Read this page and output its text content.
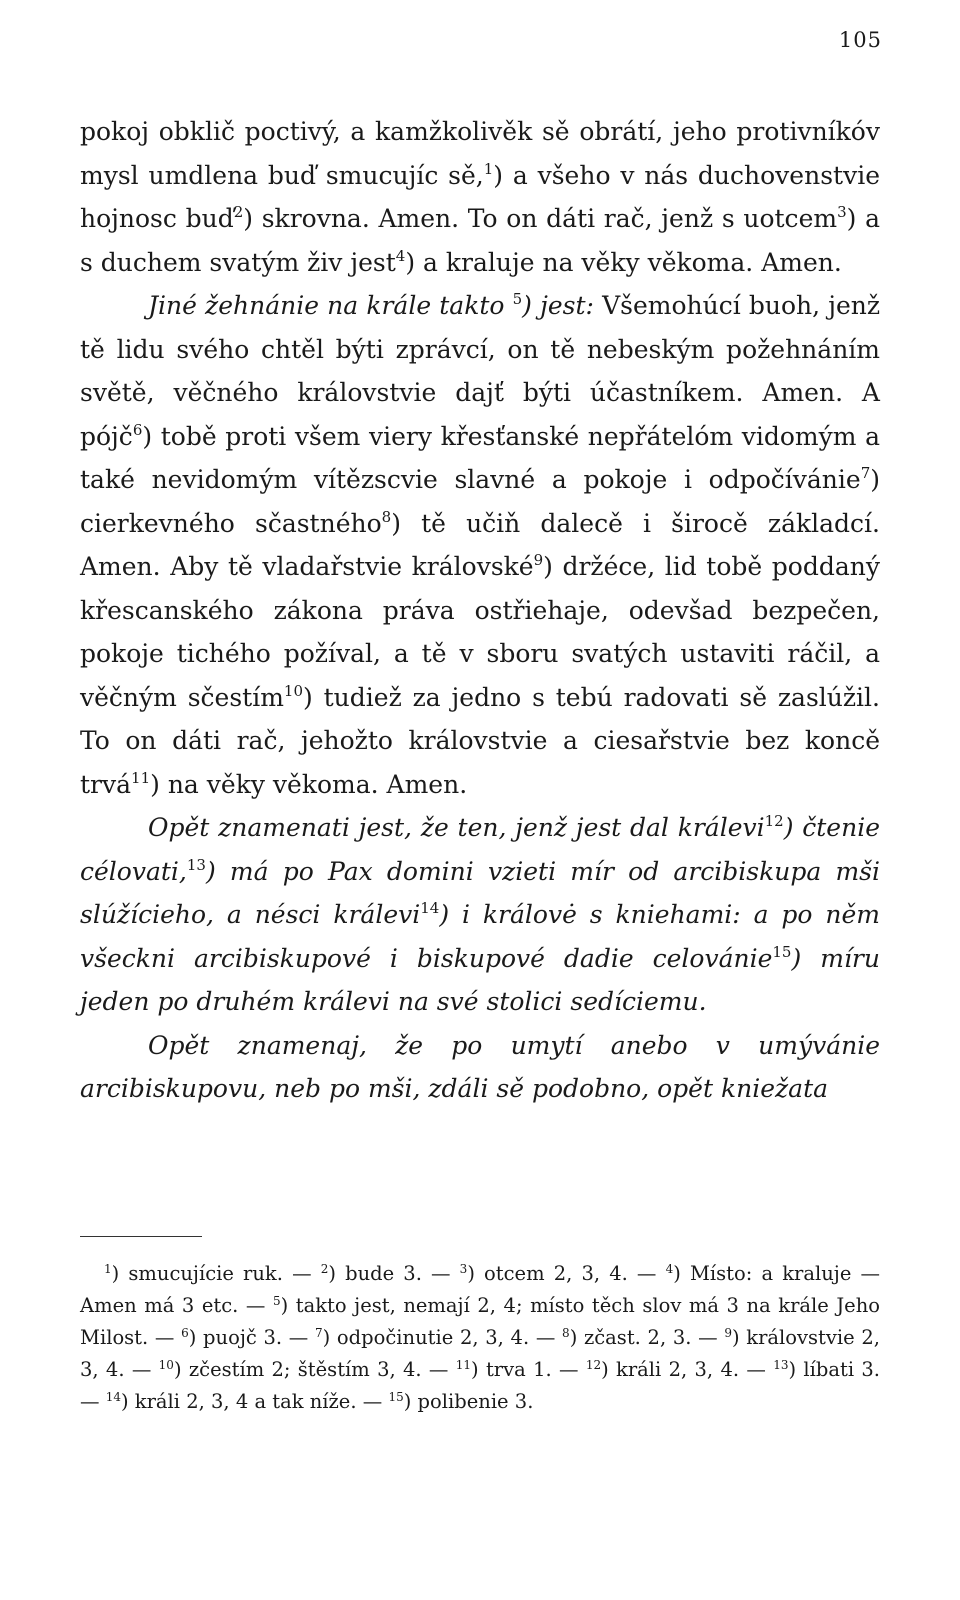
105

pokoj obklič poctivý, a kamžkolivěk sě obrátí, jeho protivníkóv mysl umdlena buď smucujíc sě,$^1$) a všeho v nás duchovenstvie hojnosc buď$^2$) skrovna. Amen. To on dáti rač, jenž s uotcem$^3$) a s duchem svatým živ jest$^4$) a kraluje na věky věkoma. Amen.

Jiné žehnánie na krále takto $^5$) jest: Všemohúcí buoh, jenž tě lidu svého chtěl býti zprávcí, on tě nebeským požehnáním světě, věčného královstvie dajť býti účastníkem. Amen. A pójč$^6$) tobě proti všem viery křesťanské nepřátelóm vidomým a také nevidomým vítězscvie slavné a pokoje i odpočívánie$^7$) cierkevného sčastného$^8$) tě učiň dalecě i širocě základcí. Amen. Aby tě vladařstvie královské$^9$) držéce, lid tobě poddaný křescanského zákona práva ostřiehaje, odevšad bezpečen, pokoje tichého požíval, a tě v sboru svatých ustaviti ráčil, a věčným sčestím$^{10}$) tudiež za jedno s tebú radovati sě zaslúžil. To on dáti rač, jehožto královstvie a ciesařstvie bez koncě trvá$^{11}$) na věky věkoma. Amen.

Opět znamenati jest, že ten, jenž jest dal králevi$^{12}$) čtenie célovati,$^{13}$) má po Pax domini vzieti mír od arcibiskupa mši slúžícieho, a nésci králevi$^{14}$) i královė s kniehami: a po něm všeckni arcibiskupové i biskupové dadie celovánie$^{15}$) míru jeden po druhém králevi na své stolici sedíciemu.

Opět znamenaj, že po umytí anebo v umývánie arcibiskupovu, neb po mši, zdáli sě podobno, opět kniežata

$^1$) smucujície ruk. — $^2$) bude 3. — $^3$) otcem 2, 3, 4. — $^4$) Místo: a kraluje — Amen má 3 etc. — $^5$) takto jest, nemají 2, 4; místo těch slov má 3 na krále Jeho Milost. — $^6$) puojč 3. — $^7$) odpočinutie 2, 3, 4. — $^8$) zčast. 2, 3. — $^9$) královstvie 2, 3, 4. — $^{10}$) zčestím 2; štěstím 3, 4. — $^{11}$) trva 1. — $^{12}$) králi 2, 3, 4. — $^{13}$) líbati 3. — $^{14}$) králi 2, 3, 4 a tak níže. — $^{15}$) polibenie 3.
